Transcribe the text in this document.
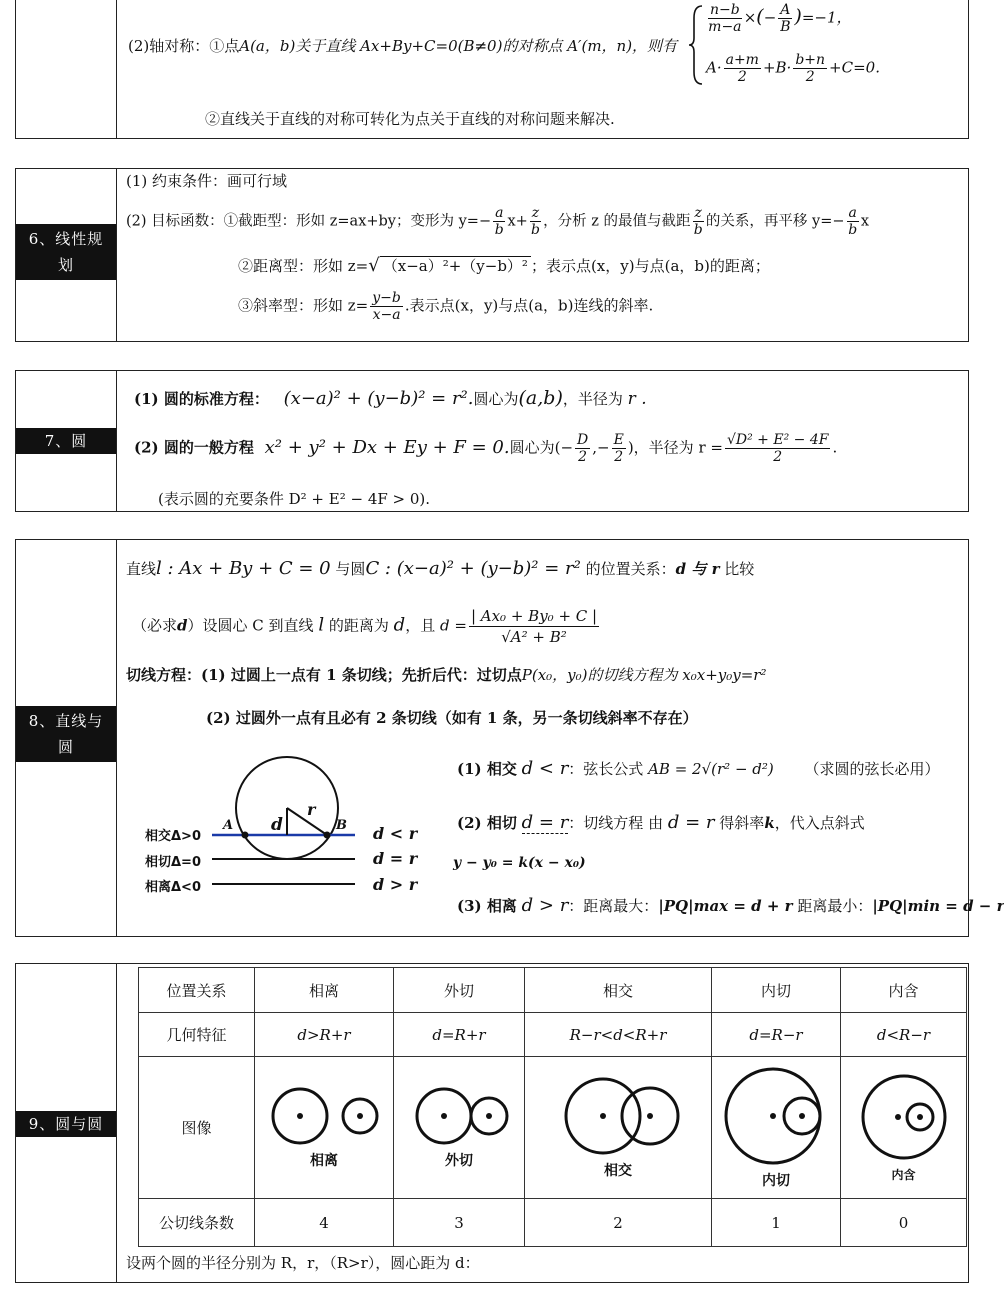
(2)轴对称：①点A(a，b)关于直线 Ax+By+C=0(B≠0)的对称点 A′(m，n)，则有
$\frac{n-b}{m-a}$ ×(− $\frac{A}{B} )=-1$，
$A\cdot \frac{a+m}{2} +B\cdot \frac{b+n}{2} +C=0$.
②直线关于直线的对称可转化为点关于直线的对称问题来解决.
6、线性规
划
(1) 约束条件：画可行域
(2) 目标函数：①截距型：形如 z=ax+by；变形为 $y=- \frac{a}{b} x+ \frac{z}{b}$ ，分析 z 的最值与截距 $\frac{z}{b}$ 的关系，再平移 $y=- \frac{a}{b}$ x
②距离型：形如 z=√ （x−a）²+（y−b）² ；表示点(x，y)与点(a，b)的距离；
③斜率型：形如 $z= \frac{y-b}{x-a}$ .表示点(x，y)与点(a，b)连线的斜率.
7、圆
(1) 圆的标准方程： (x−a)² + (y−b)² = r².圆心为(a,b)，半径为 r .
(2) 圆的一般方程 x² + y² + Dx + Ey + F = 0.圆心为(− $\frac{D}{2}$ ,− $\frac{E}{2}$ )，半径为 $r = \frac{\text{√D² + E² − 4F}}{2}$ .
(表示圆的充要条件 D² + E² − 4F > 0).
8、直线与
圆
直线l : Ax + By + C = 0 与圆C : (x−a)² + (y−b)² = r² 的位置关系：d 与 r 比较
（必求d）设圆心 C 到直线 l 的距离为 d，且 $d = \frac{\text{| Ax₀ + By₀ + C |}}{\text{√A² + B²}}$
切线方程：(1) 过圆上一点有 1 条切线；先折后代：过切点P(x₀，y₀)的切线方程为 x₀x+y₀y=r²
(2) 过圆外一点有且必有 2 条切线（如有 1 条，另一条切线斜率不存在）
A	B
d
r
相交Δ>0
相切Δ=0
相离Δ<0
d < r
d = r
d > r
(1) 相交 d < r：弦长公式 AB = 2√(r² − d²) （求圆的弦长必用）
(2) 相切 d = r：切线方程 由 d = r 得斜率k，代入点斜式
y − y₀ = k(x − x₀)
(3) 相离 d > r：距离最大：|PQ|max = d + r 距离最小：|PQ|min = d − r
9、圆与圆
位置关系	相离	外切	相交	内切	内含
几何特征	d>R+r	d=R+r	R−r<d<R+r	d=R−r	d<R−r
图像	相离	外切	相交	内切	内含

公切线条数	4	3	2	1	0
设两个圆的半径分别为 R，r，（R>r），圆心距为 d：
